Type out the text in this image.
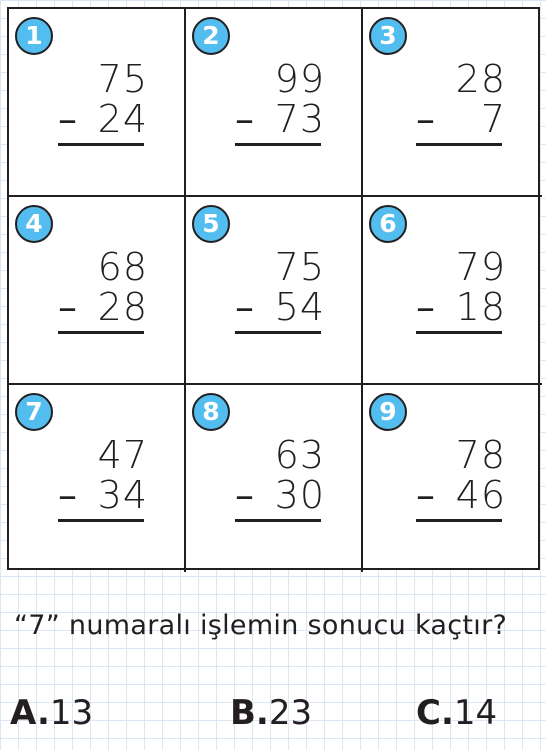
1
75
– 24
2
99
– 73
3
28
– 7
4
68
– 28
5
75
– 54
6
79
– 18
7
47
– 34
8
63
– 30
9
78
– 46
“7” numaralı işlemin sonucu kaçtır?
A.13	B.23	C.14
